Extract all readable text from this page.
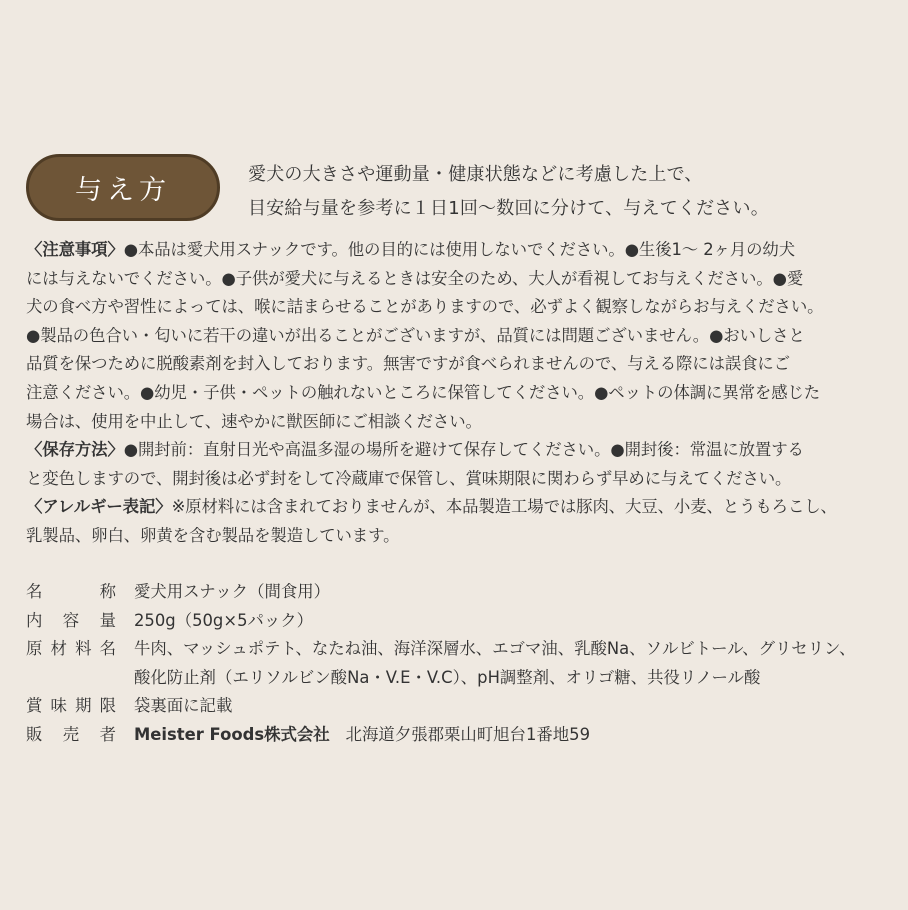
与え方
愛犬の大きさや運動量・健康状態などに考慮した上で、
目安給与量を参考に１日1回〜数回に分けて、与えてください。
〈注意事項〉●本品は愛犬用スナックです。他の目的には使用しないでください。●生後1〜 2ヶ月の幼犬
には与えないでください。●子供が愛犬に与えるときは安全のため、大人が看視してお与えください。●愛
犬の食べ方や習性によっては、喉に詰まらせることがありますので、必ずよく観察しながらお与えください。
●製品の色合い・匂いに若干の違いが出ることがございますが、品質には問題ございません。●おいしさと
品質を保つために脱酸素剤を封入しております。無害ですが食べられませんので、与える際には誤食にご
注意ください。●幼児・子供・ペットの触れないところに保管してください。●ペットの体調に異常を感じた
場合は、使用を中止して、速やかに獣医師にご相談ください。
〈保存方法〉●開封前：直射日光や高温多湿の場所を避けて保存してください。●開封後：常温に放置する
と変色しますので、開封後は必ず封をして冷蔵庫で保管し、賞味期限に関わらず早めに与えてください。
〈アレルギー表記〉※原材料には含まれておりませんが、本品製造工場では豚肉、大豆、小麦、とうもろこし、
乳製品、卵白、卵黄を含む製品を製造しています。
名	称 愛犬用スナック（間食用）
内 容 量 250g（50g×5パック）
原 材 料 名 牛肉、マッシュポテト、なたね油、海洋深層水、エゴマ油、乳酸Na、ソルビトール、グリセリン、
酸化防止剤（エリソルビン酸Na・V.E・V.C）、pH調整剤、オリゴ糖、共役リノール酸
賞 味 期 限 袋裏面に記載
販 売 者 Meister Foods株式会社 北海道夕張郡栗山町旭台1番地59
